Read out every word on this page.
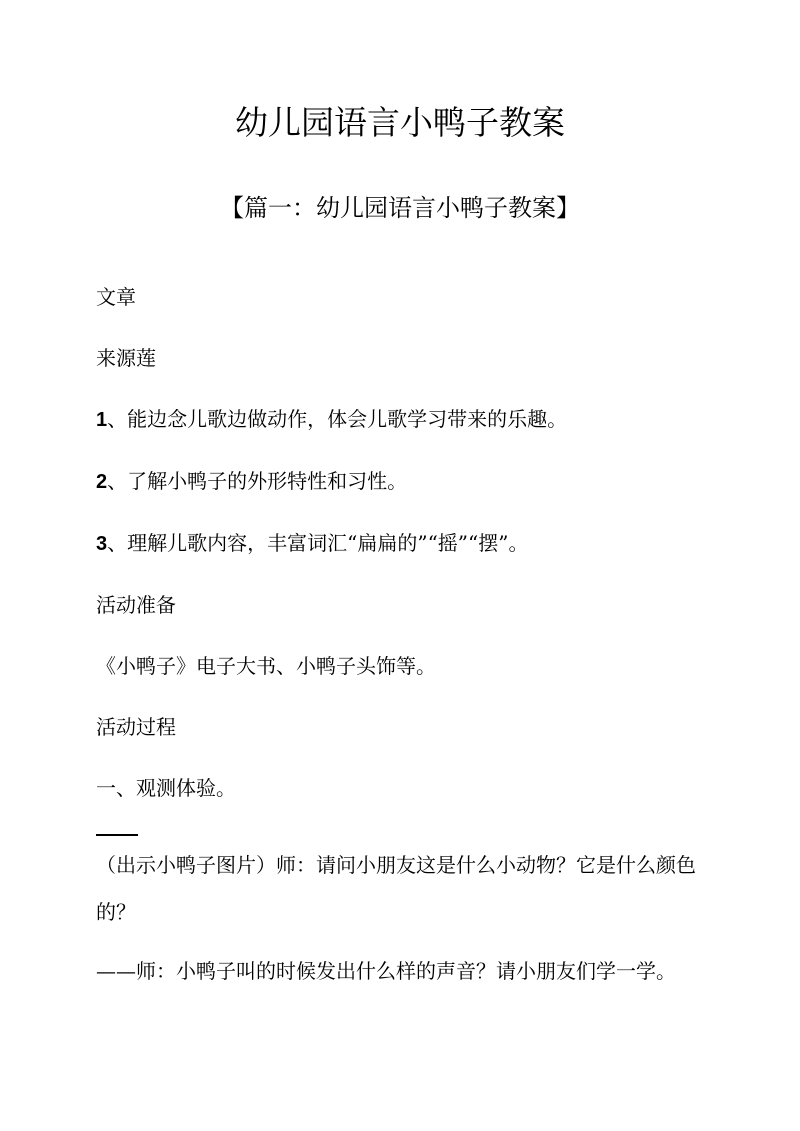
幼儿园语言小鸭子教案
【篇一：幼儿园语言小鸭子教案】

文章

来源莲

1、能边念儿歌边做动作，体会儿歌学习带来的乐趣。

2、了解小鸭子的外形特性和习性。

3、理解儿歌内容，丰富词汇“扁扁的”“摇”“摆”。

活动准备

《小鸭子》电子大书、小鸭子头饰等。

活动过程

一、观测体验。

（出示小鸭子图片）师：请问小朋友这是什么小动物？它是什么颜色的？

——师：小鸭子叫的时候发出什么样的声音？请小朋友们学一学。
